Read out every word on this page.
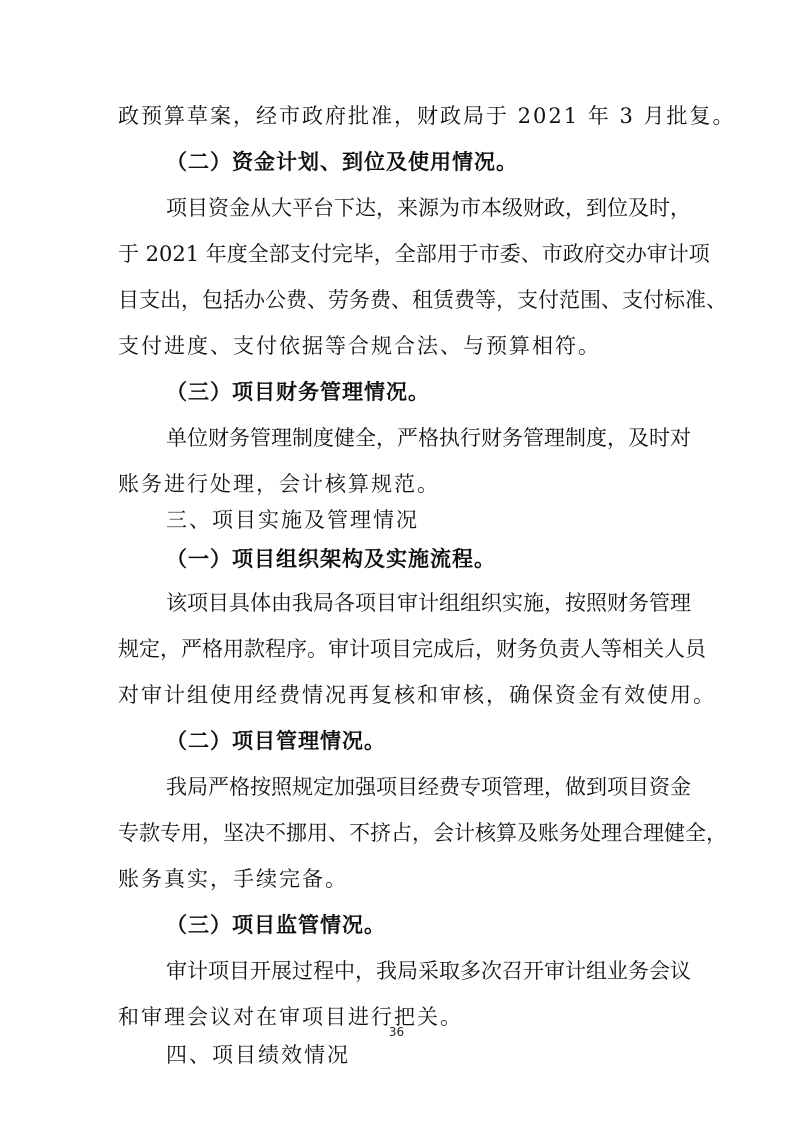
政预算草案，经市政府批准，财政局于 2021 年 3 月批复。
（二）资金计划、到位及使用情况。
项目资金从大平台下达，来源为市本级财政，到位及时，
于 2021 年度全部支付完毕，全部用于市委、市政府交办审计项
目支出，包括办公费、劳务费、租赁费等，支付范围、支付标准、
支付进度、支付依据等合规合法、与预算相符。
（三）项目财务管理情况。
单位财务管理制度健全，严格执行财务管理制度，及时对
账务进行处理，会计核算规范。
三、项目实施及管理情况
（一）项目组织架构及实施流程。
该项目具体由我局各项目审计组组织实施，按照财务管理
规定，严格用款程序。审计项目完成后，财务负责人等相关人员
对审计组使用经费情况再复核和审核，确保资金有效使用。
（二）项目管理情况。
我局严格按照规定加强项目经费专项管理，做到项目资金
专款专用，坚决不挪用、不挤占，会计核算及账务处理合理健全，
账务真实，手续完备。
（三）项目监管情况。
审计项目开展过程中，我局采取多次召开审计组业务会议
和审理会议对在审项目进行把关。
四、项目绩效情况
36
